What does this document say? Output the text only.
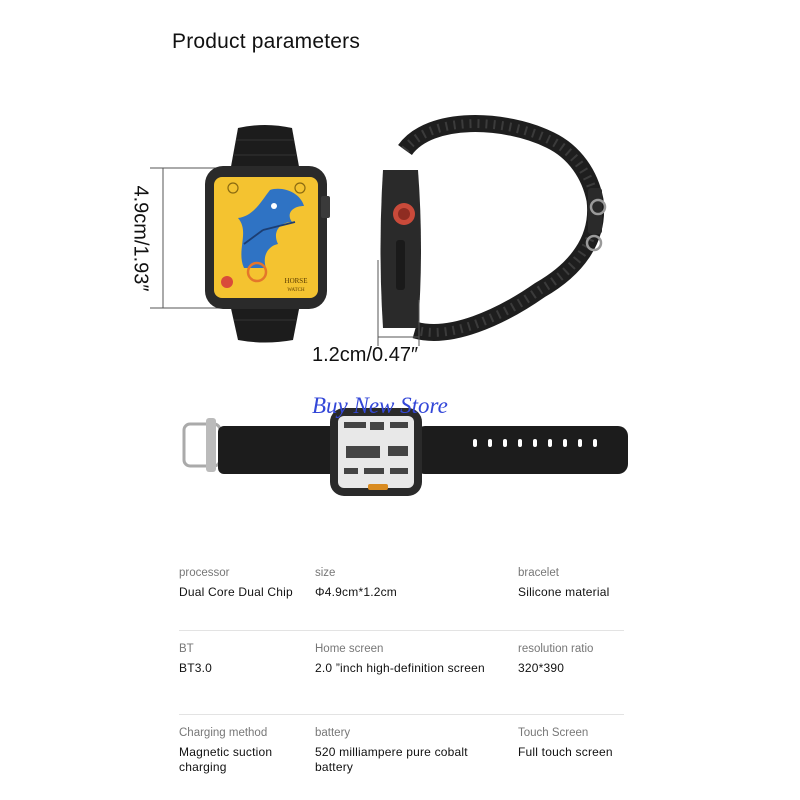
Product parameters
HORSE
WATCH
4.9cm/1.93″
1.2cm/0.47″
Buy New Store
processor
Dual Core Dual Chip
size
Φ4.9cm*1.2cm
bracelet
Silicone material
BT
BT3.0
Home screen
2.0 ”inch high-definition screen
resolution ratio
320*390
Charging method
Magnetic suction charging
battery
520 milliampere pure cobalt battery
Touch Screen
Full touch screen
